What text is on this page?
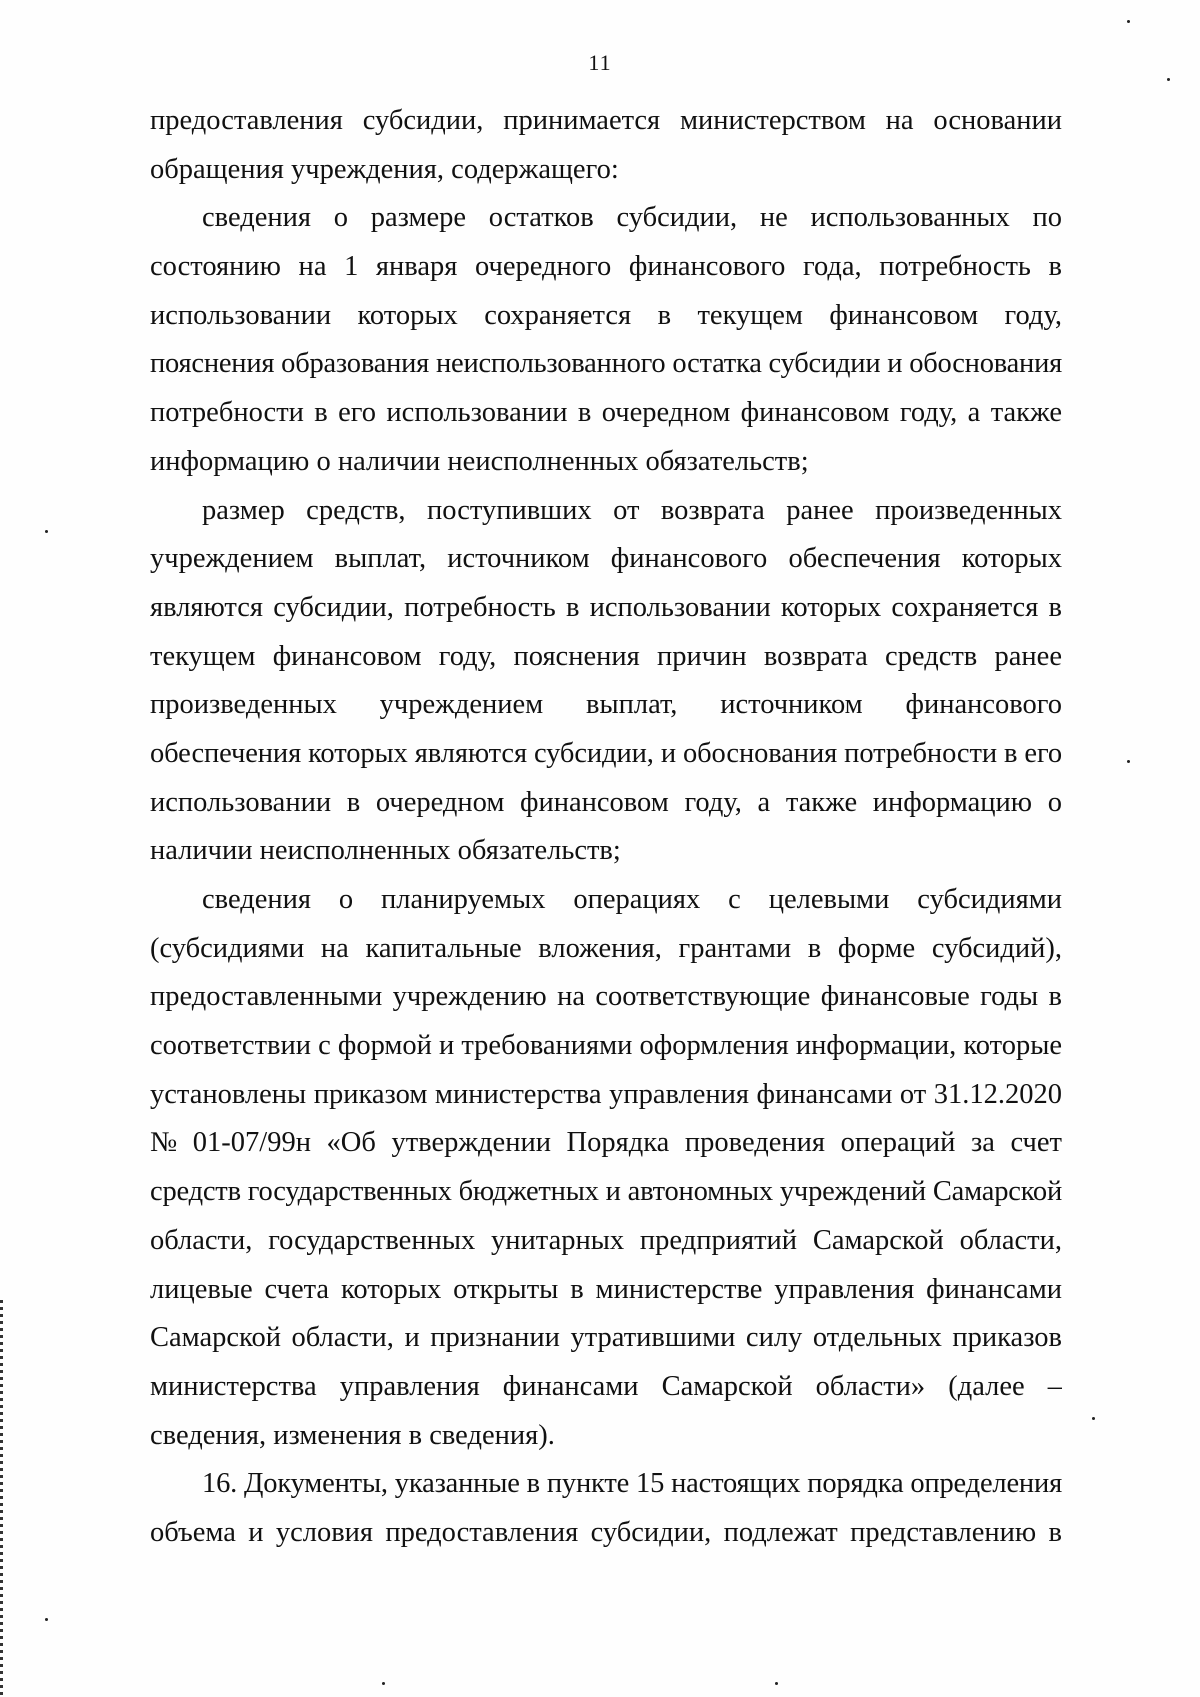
11
предоставления субсидии, принимается министерством на основании
обращения учреждения, содержащего:
сведения о размере остатков субсидии, не использованных по
состоянию на 1 января очередного финансового года, потребность в
использовании которых сохраняется в текущем финансовом году,
пояснения образования неиспользованного остатка субсидии и обоснования
потребности в его использовании в очередном финансовом году, а также
информацию о наличии неисполненных обязательств;
размер средств, поступивших от возврата ранее произведенных
учреждением выплат, источником финансового обеспечения которых
являются субсидии, потребность в использовании которых сохраняется в
текущем финансовом году, пояснения причин возврата средств ранее
произведенных учреждением выплат, источником финансового
обеспечения которых являются субсидии, и обоснования потребности в его
использовании в очередном финансовом году, а также информацию о
наличии неисполненных обязательств;
сведения о планируемых операциях с целевыми субсидиями
(субсидиями на капитальные вложения, грантами в форме субсидий),
предоставленными учреждению на соответствующие финансовые годы в
соответствии с формой и требованиями оформления информации, которые
установлены приказом министерства управления финансами от 31.12.2020
№ 01-07/99н «Об утверждении Порядка проведения операций за счет
средств государственных бюджетных и автономных учреждений Самарской
области, государственных унитарных предприятий Самарской области,
лицевые счета которых открыты в министерстве управления финансами
Самарской области, и признании утратившими силу отдельных приказов
министерства управления финансами Самарской области» (далее –
сведения, изменения в сведения).
16. Документы, указанные в пункте 15 настоящих порядка определения
объема и условия предоставления субсидии, подлежат представлению в
